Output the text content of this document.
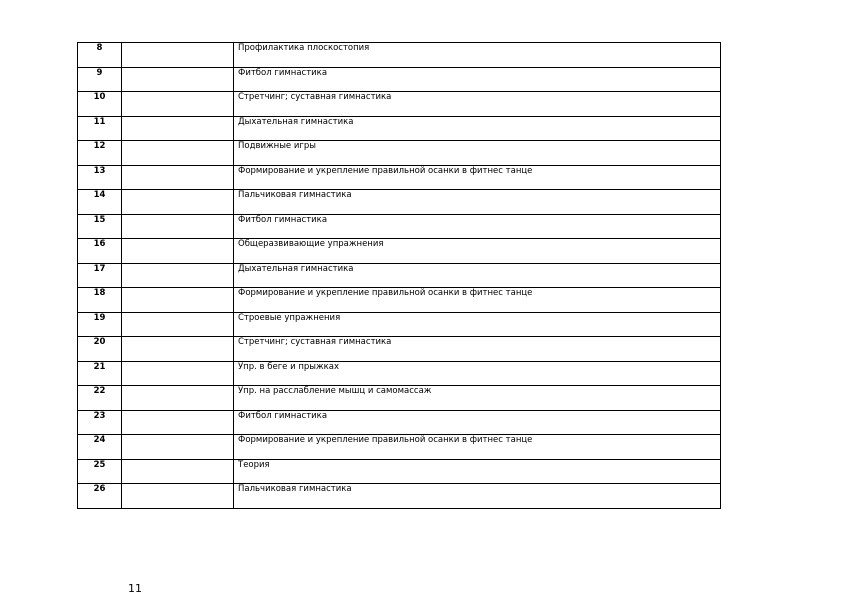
8		Профилактика плоскостопия
9		Фитбол гимнастика
10		Стретчинг; суставная гимнастика
11		Дыхательная гимнастика
12		Подвижные игры
13		Формирование и укрепление правильной осанки в фитнес танце
14		Пальчиковая гимнастика
15		Фитбол гимнастика
16		Общеразвивающие упражнения
17		Дыхательная гимнастика
18		Формирование и укрепление правильной осанки в фитнес танце
19		Строевые упражнения
20		Стретчинг; суставная гимнастика
21		Упр. в беге и прыжках
22		Упр. на расслабление мышц и самомассаж
23		Фитбол гимнастика
24		Формирование и укрепление правильной осанки в фитнес танце
25		Теория
26		Пальчиковая гимнастика
11
